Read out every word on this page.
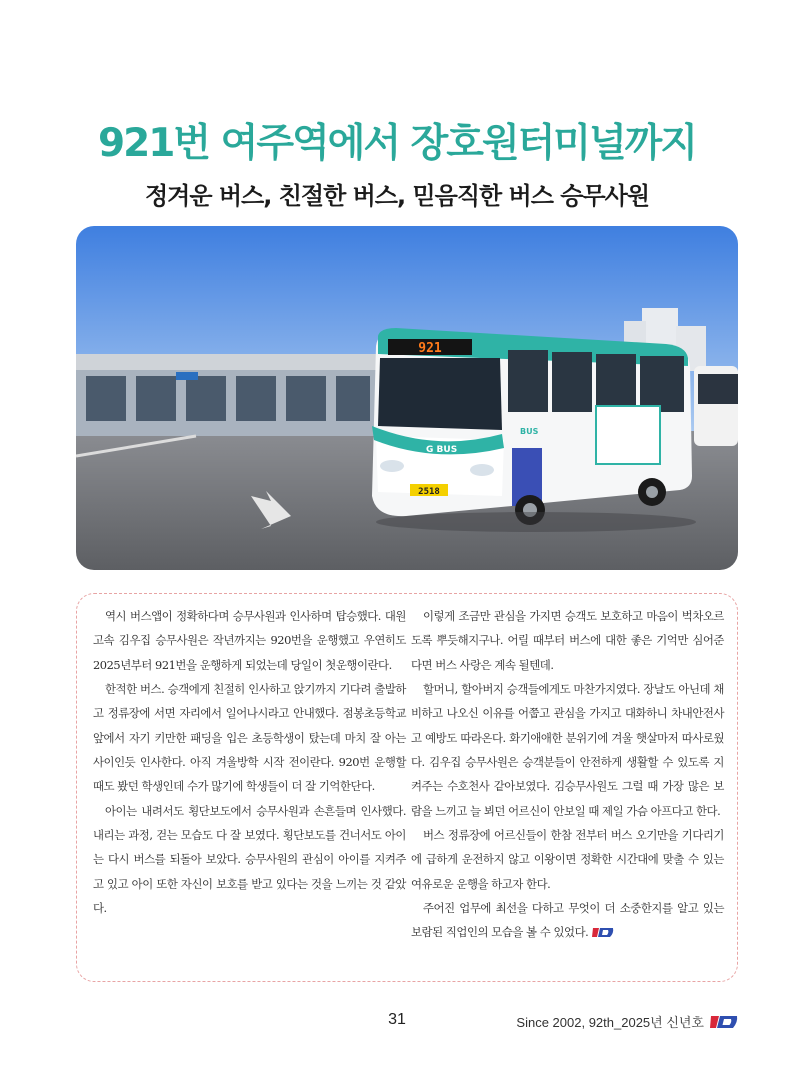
921번 여주역에서 장호원터미널까지
정겨운 버스, 친절한 버스, 믿음직한 버스 승무사원
921
G BUS
2518
BUS

역시 버스앱이 정확하다며 승무사원과 인사하며 탑승했다. 대원고속 김우집 승무사원은 작년까지는 920번을 운행했고 우연히도 2025년부터 921번을 운행하게 되었는데 당일이 첫운행이란다.

한적한 버스. 승객에게 친절히 인사하고 앉기까지 기다려 출발하고 정류장에 서면 자리에서 일어나시라고 안내했다. 점봉초등학교 앞에서 자기 키만한 패딩을 입은 초등학생이 탔는데 마치 잘 아는 사이인듯 인사한다. 아직 겨울방학 시작 전이란다. 920번 운행할 때도 봤던 학생인데 수가 많기에 학생들이 더 잘 기억한단다.

아이는 내려서도 횡단보도에서 승무사원과 손흔들며 인사했다. 내리는 과정, 걷는 모습도 다 잘 보였다. 횡단보도를 건너서도 아이는 다시 버스를 되돌아 보았다. 승무사원의 관심이 아이를 지켜주고 있고 아이 또한 자신이 보호를 받고 있다는 것을 느끼는 것 같았다.

이렇게 조금만 관심을 가지면 승객도 보호하고 마음이 벅차오르도록 뿌듯해지구나. 어릴 때부터 버스에 대한 좋은 기억만 심어준다면 버스 사랑은 계속 될텐데.

할머니, 할아버지 승객들에게도 마찬가지였다. 장날도 아닌데 채비하고 나오신 이유를 어쭙고 관심을 가지고 대화하니 차내안전사고 예방도 따라온다. 화기애애한 분위기에 겨울 햇살마저 따사로웠다. 김우집 승무사원은 승객분들이 안전하게 생활할 수 있도록 지켜주는 수호천사 같아보였다. 김승무사원도 그럴 때 가장 많은 보람을 느끼고 늘 뵈던 어르신이 안보일 때 제일 가슴 아프다고 한다.

버스 정류장에 어르신들이 한참 전부터 버스 오기만을 기다리기에 급하게 운전하지 않고 이왕이면 정확한 시간대에 맞출 수 있는 여유로운 운행을 하고자 한다.

주어진 업무에 최선을 다하고 무엇이 더 소중한지를 알고 있는 보람된 직업인의 모습을 볼 수 있었다.

31	Since 2002, 92th_2025년 신년호
